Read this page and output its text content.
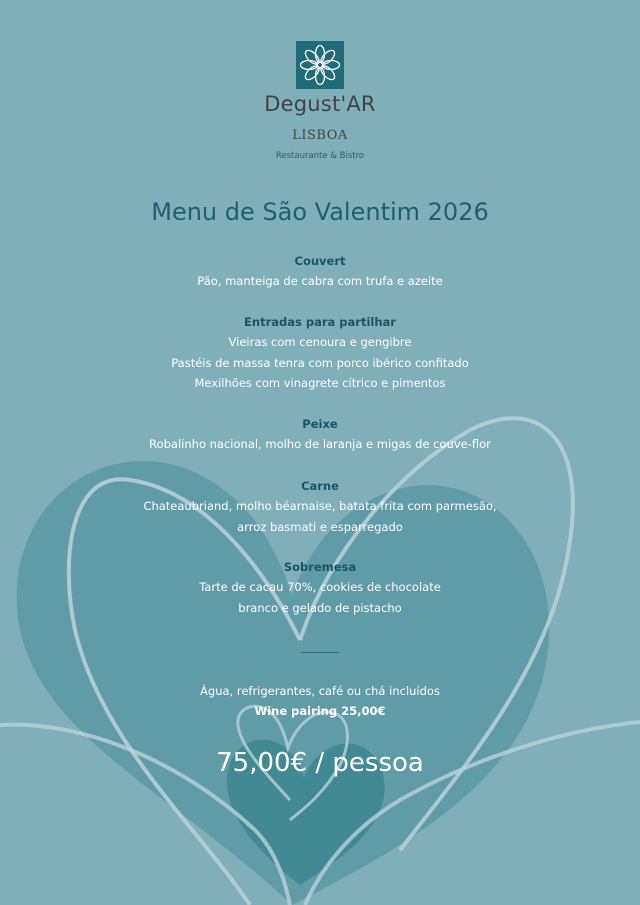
Degust'AR
LISBOA
Restaurante & Bistro
Menu de São Valentim 2026
Couvert
Pão, manteiga de cabra com trufa e azeite
Entradas para partilhar
Vieiras com cenoura e gengibre
Pastéis de massa tenra com porco ibérico confitado
Mexilhões com vinagrete cítrico e pimentos
Peixe
Robalinho nacional, molho de laranja e migas de couve-flor
Carne
Chateaubriand, molho béarnaise, batata frita com parmesão,
arroz basmati e esparregado
Sobremesa
Tarte de cacau 70%, cookies de chocolate
branco e gelado de pistacho
Água, refrigerantes, café ou chá incluídos
Wine pairing 25,00€
75,00€ / pessoa
